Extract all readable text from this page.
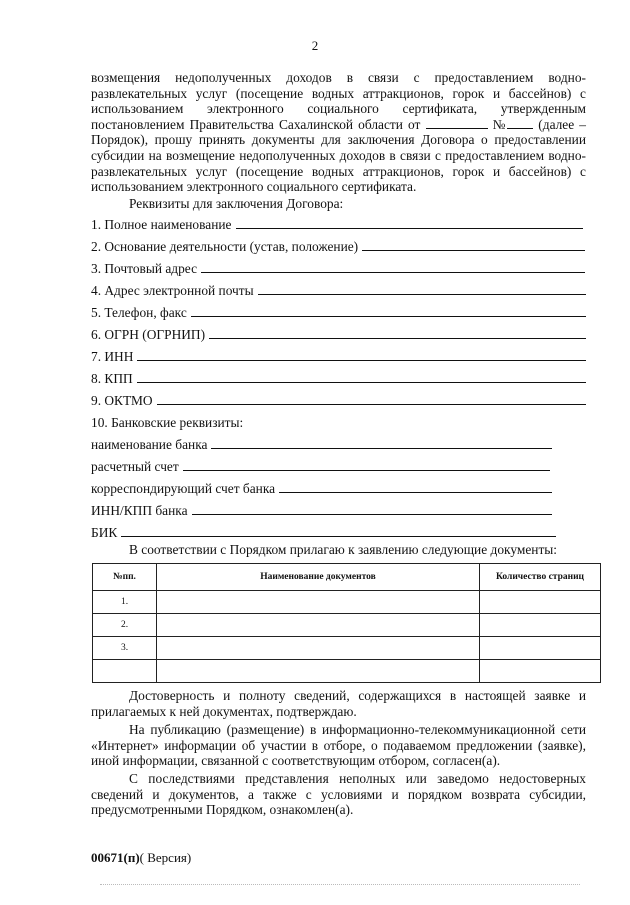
2

возмещения недополученных доходов в связи с предоставлением водно-развлекательных услуг (посещение водных аттракционов, горок и бассейнов) с использованием электронного социального сертификата, утвержденным постановлением Правительства Сахалинской области от	№ (далее – Порядок), прошу принять документы для заключения Договора о предоставлении субсидии на возмещение недополученных доходов в связи с предоставлением водно-развлекательных услуг (посещение водных аттракционов, горок и бассейнов) с использованием электронного социального сертификата.

Реквизиты для заключения Договора:
1. Полное наименование
2. Основание деятельности (устав, положение)
3. Почтовый адрес
4. Адрес электронной почты
5. Телефон, факс
6. ОГРН (ОГРНИП)
7. ИНН
8. КПП
9. ОКТМО
10. Банковские реквизиты:
наименование банка
расчетный счет
корреспондирующий счет банка
ИНН/КПП банка
БИК
В соответствии с Порядком прилагаю к заявлению следующие документы:
№пп.	Наименование документов	Количество страниц
1.		
2.		
3.		

Достоверность и полноту сведений, содержащихся в настоящей заявке и прилагаемых к ней документах, подтверждаю.

На публикацию (размещение) в информационно-телекоммуникационной сети «Интернет» информации об участии в отборе, о подаваемом предложении (заявке), иной информации, связанной с соответствующим отбором, согласен(а).

С последствиями представления неполных или заведомо недостоверных сведений и документов, а также с условиями и порядком возврата субсидии, предусмотренными Порядком, ознакомлен(а).

00671(п)( Версия)
